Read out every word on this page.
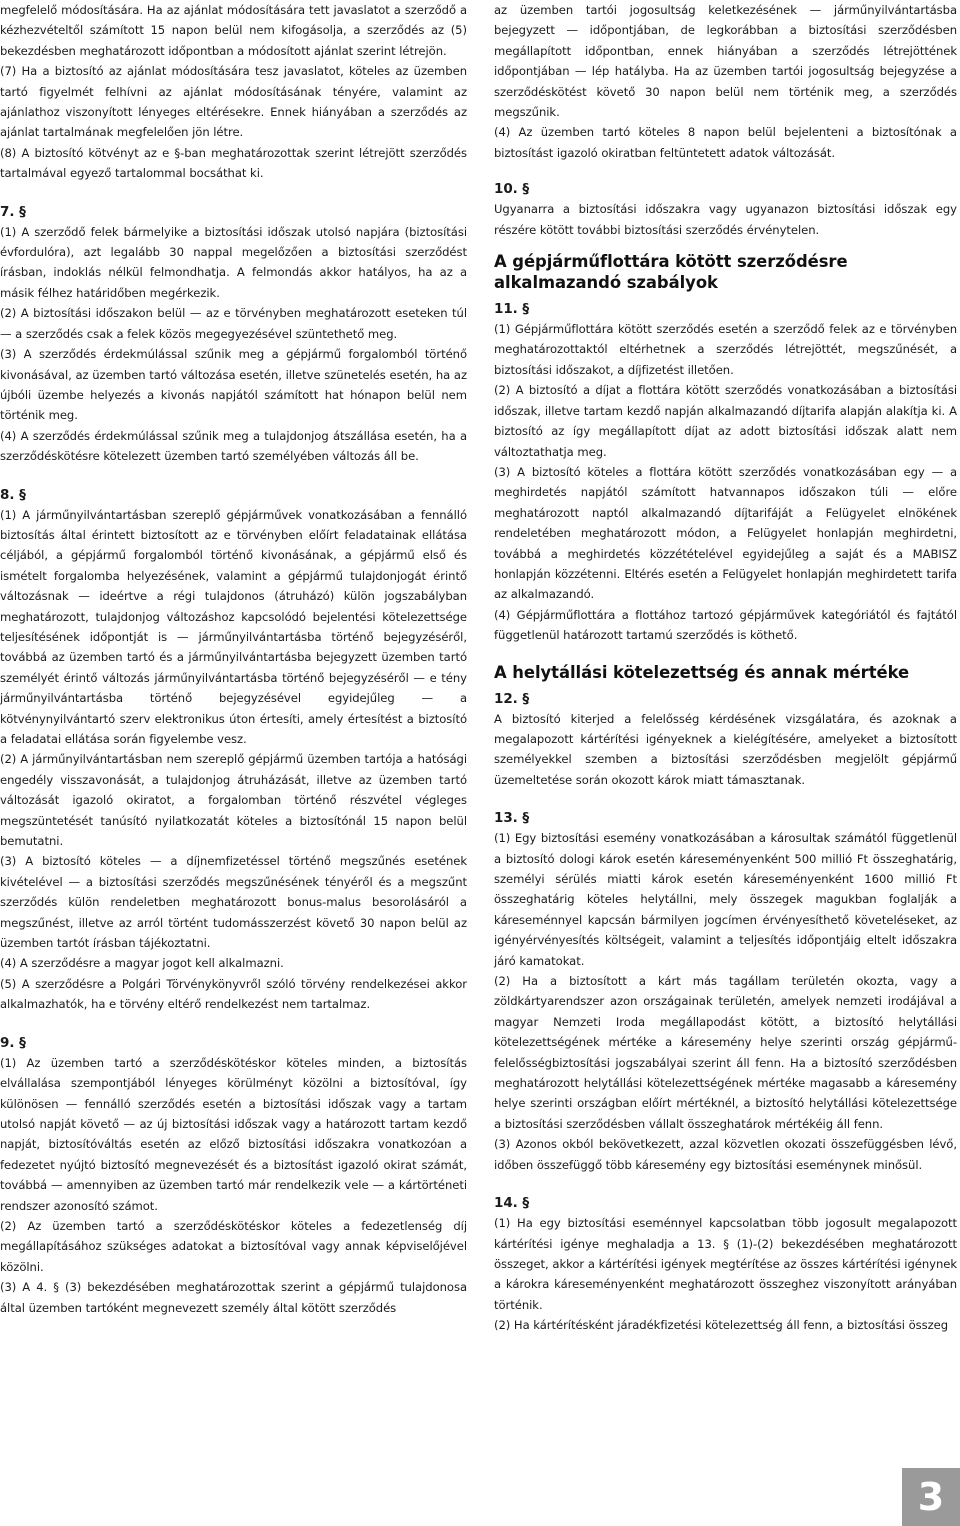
megfelelő módosítására. Ha az ajánlat módosítására tett javaslatot a szerződő a kézhezvételtől számított 15 napon belül nem kifogásolja, a szerződés az (5) bekezdésben meghatározott időpontban a módosított ajánlat szerint létrejön.

(7) Ha a biztosító az ajánlat módosítására tesz javaslatot, köteles az üzemben tartó figyelmét felhívni az ajánlat módosításának tényére, valamint az ajánlathoz viszonyított lényeges eltérésekre. Ennek hiányában a szerződés az ajánlat tartalmának megfelelően jön létre.

(8) A biztosító kötvényt az e §-ban meghatározottak szerint létrejött szerződés tartalmával egyező tartalommal bocsáthat ki.

7. §

(1) A szerződő felek bármelyike a biztosítási időszak utolsó napjára (biztosítási évfordulóra), azt legalább 30 nappal megelőzően a biztosítási szerződést írásban, indoklás nélkül felmondhatja. A felmondás akkor hatályos, ha az a másik félhez határidőben megérkezik.

(2) A biztosítási időszakon belül — az e törvényben meghatározott eseteken túl — a szerződés csak a felek közös megegyezésével szüntethető meg.

(3) A szerződés érdekmúlással szűnik meg a gépjármű forgalomból történő kivonásával, az üzemben tartó változása esetén, illetve szünetelés esetén, ha az újbóli üzembe helyezés a kivonás napjától számított hat hónapon belül nem történik meg.

(4) A szerződés érdekmúlással szűnik meg a tulajdonjog átszállása esetén, ha a szerződéskötésre kötelezett üzemben tartó személyében változás áll be.

8. §

(1) A járműnyilvántartásban szereplő gépjárművek vonatkozásában a fennálló biztosítás által érintett biztosított az e törvényben előírt feladatainak ellátása céljából, a gépjármű forgalomból történő kivonásának, a gépjármű első és ismételt forgalomba helyezésének, valamint a gépjármű tulajdonjogát érintő változásnak — ideértve a régi tulajdonos (átruházó) külön jogszabályban meghatározott, tulajdonjog változáshoz kapcsolódó bejelentési kötelezettsége teljesítésének időpontját is — járműnyilvántartásba történő bejegyzéséről, továbbá az üzemben tartó és a járműnyilvántartásba bejegyzett üzemben tartó személyét érintő változás járműnyilvántartásba történő bejegyzéséről — e tény járműnyilvántartásba történő bejegyzésével egyidejűleg — a kötvénynyilvántartó szerv elektronikus úton értesíti, amely értesítést a biztosító a feladatai ellátása során figyelembe vesz.

(2) A járműnyilvántartásban nem szereplő gépjármű üzemben tartója a hatósági engedély visszavonását, a tulajdonjog átruházását, illetve az üzemben tartó változását igazoló okiratot, a forgalomban történő részvétel végleges megszüntetését tanúsító nyilatkozatát köteles a biztosítónál 15 napon belül bemutatni.

(3) A biztosító köteles — a díjnemfizetéssel történő megszűnés esetének kivételével — a biztosítási szerződés megszűnésének tényéről és a megszűnt szerződés külön rendeletben meghatározott bonus-malus besorolásáról a megszűnést, illetve az arról történt tudomásszerzést követő 30 napon belül az üzemben tartót írásban tájékoztatni.

(4) A szerződésre a magyar jogot kell alkalmazni.

(5) A szerződésre a Polgári Törvénykönyvről szóló törvény rendelkezései akkor alkalmazhatók, ha e törvény eltérő rendelkezést nem tartalmaz.

9. §

(1) Az üzemben tartó a szerződéskötéskor köteles minden, a biztosítás elvállalása szempontjából lényeges körülményt közölni a biztosítóval, így különösen — fennálló szerződés esetén a biztosítási időszak vagy a tartam utolsó napját követő — az új biztosítási időszak vagy a határozott tartam kezdő napját, biztosítóváltás esetén az előző biztosítási időszakra vonatkozóan a fedezetet nyújtó biztosító megnevezését és a biztosítást igazoló okirat számát, továbbá — amennyiben az üzemben tartó már rendelkezik vele — a kártörténeti rendszer azonosító számot.

(2) Az üzemben tartó a szerződéskötéskor köteles a fedezetlenség díj megállapításához szükséges adatokat a biztosítóval vagy annak képviselőjével közölni.

(3) A 4. § (3) bekezdésében meghatározottak szerint a gépjármű tulajdonosa által üzemben tartóként megnevezett személy által kötött szerződés

az üzemben tartói jogosultság keletkezésének — járműnyilvántartásba bejegyzett — időpontjában, de legkorábban a biztosítási szerződésben megállapított időpontban, ennek hiányában a szerződés létrejöttének időpontjában — lép hatályba. Ha az üzemben tartói jogosultság bejegyzése a szerződéskötést követő 30 napon belül nem történik meg, a szerződés megszűnik.

(4) Az üzemben tartó köteles 8 napon belül bejelenteni a biztosítónak a biztosítást igazoló okiratban feltüntetett adatok változását.

10. §

Ugyanarra a biztosítási időszakra vagy ugyanazon biztosítási időszak egy részére kötött további biztosítási szerződés érvénytelen.

A gépjárműflottára kötött szerződésre alkalmazandó szabályok
11. §

(1) Gépjárműflottára kötött szerződés esetén a szerződő felek az e törvényben meghatározottaktól eltérhetnek a szerződés létrejöttét, megszűnését, a biztosítási időszakot, a díjfizetést illetően.

(2) A biztosító a díjat a flottára kötött szerződés vonatkozásában a biztosítási időszak, illetve tartam kezdő napján alkalmazandó díjtarifa alapján alakítja ki. A biztosító az így megállapított díjat az adott biztosítási időszak alatt nem változtathatja meg.

(3) A biztosító köteles a flottára kötött szerződés vonatkozásában egy — a meghirdetés napjától számított hatvannapos időszakon túli — előre meghatározott naptól alkalmazandó díjtarifáját a Felügyelet elnökének rendeletében meghatározott módon, a Felügyelet honlapján meghirdetni, továbbá a meghirdetés közzétételével egyidejűleg a saját és a MABISZ honlapján közzétenni. Eltérés esetén a Felügyelet honlapján meghirdetett tarifa az alkalmazandó.

(4) Gépjárműflottára a flottához tartozó gépjárművek kategóriától és fajtától függetlenül határozott tartamú szerződés is köthető.

A helytállási kötelezettség és annak mértéke
12. §

A biztosító kiterjed a felelősség kérdésének vizsgálatára, és azoknak a megalapozott kártérítési igényeknek a kielégítésére, amelyeket a biztosított személyekkel szemben a biztosítási szerződésben megjelölt gépjármű üzemeltetése során okozott károk miatt támasztanak.

13. §

(1) Egy biztosítási esemény vonatkozásában a károsultak számától függetlenül a biztosító dologi károk esetén káreseményenként 500 millió Ft összeghatárig, személyi sérülés miatti károk esetén káreseményenként 1600 millió Ft összeghatárig köteles helytállni, mely összegek magukban foglalják a káreseménnyel kapcsán bármilyen jogcímen érvényesíthető követeléseket, az igényérvényesítés költségeit, valamint a teljesítés időpontjáig eltelt időszakra járó kamatokat.

(2) Ha a biztosított a kárt más tagállam területén okozta, vagy a zöldkártyarendszer azon országainak területén, amelyek nemzeti irodájával a magyar Nemzeti Iroda megállapodást kötött, a biztosító helytállási kötelezettségének mértéke a káresemény helye szerinti ország gépjármű-felelősségbiztosítási jogszabályai szerint áll fenn. Ha a biztosító szerződésben meghatározott helytállási kötelezettségének mértéke magasabb a káresemény helye szerinti országban előírt mértéknél, a biztosító helytállási kötelezettsége a biztosítási szerződésben vállalt összeghatárok mértékéig áll fenn.

(3) Azonos okból bekövetkezett, azzal közvetlen okozati összefüggésben lévő, időben összefüggő több káresemény egy biztosítási eseménynek minősül.

14. §

(1) Ha egy biztosítási eseménnyel kapcsolatban több jogosult megalapozott kártérítési igénye meghaladja a 13. § (1)-(2) bekezdésében meghatározott összeget, akkor a kártérítési igények megtérítése az összes kártérítési igénynek a károkra káreseményenként meghatározott összeghez viszonyított arányában történik.

(2) Ha kártérítésként járadékfizetési kötelezettség áll fenn, a biztosítási összeg

3
